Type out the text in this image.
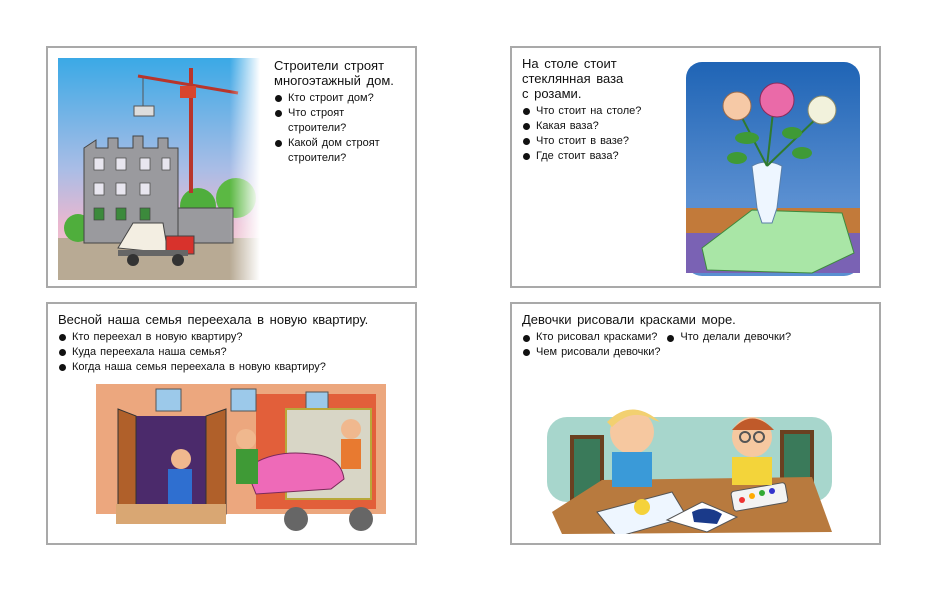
Строители строят
многоэтажный дом.
Кто строит дом?
Что строят строители?
Какой дом строят строители?
На столе стоит
стеклянная ваза
с розами.
Что стоит на столе?
Какая ваза?
Что стоит в вазе?
Где стоит ваза?
Весной наша семья переехала в новую квартиру.
Кто переехал в новую квартиру?
Куда переехала наша семья?
Когда наша семья переехала в новую квартиру?
Девочки рисовали красками море.
Кто рисовал красками? Что делали девочки?
Чем рисовали девочки?
